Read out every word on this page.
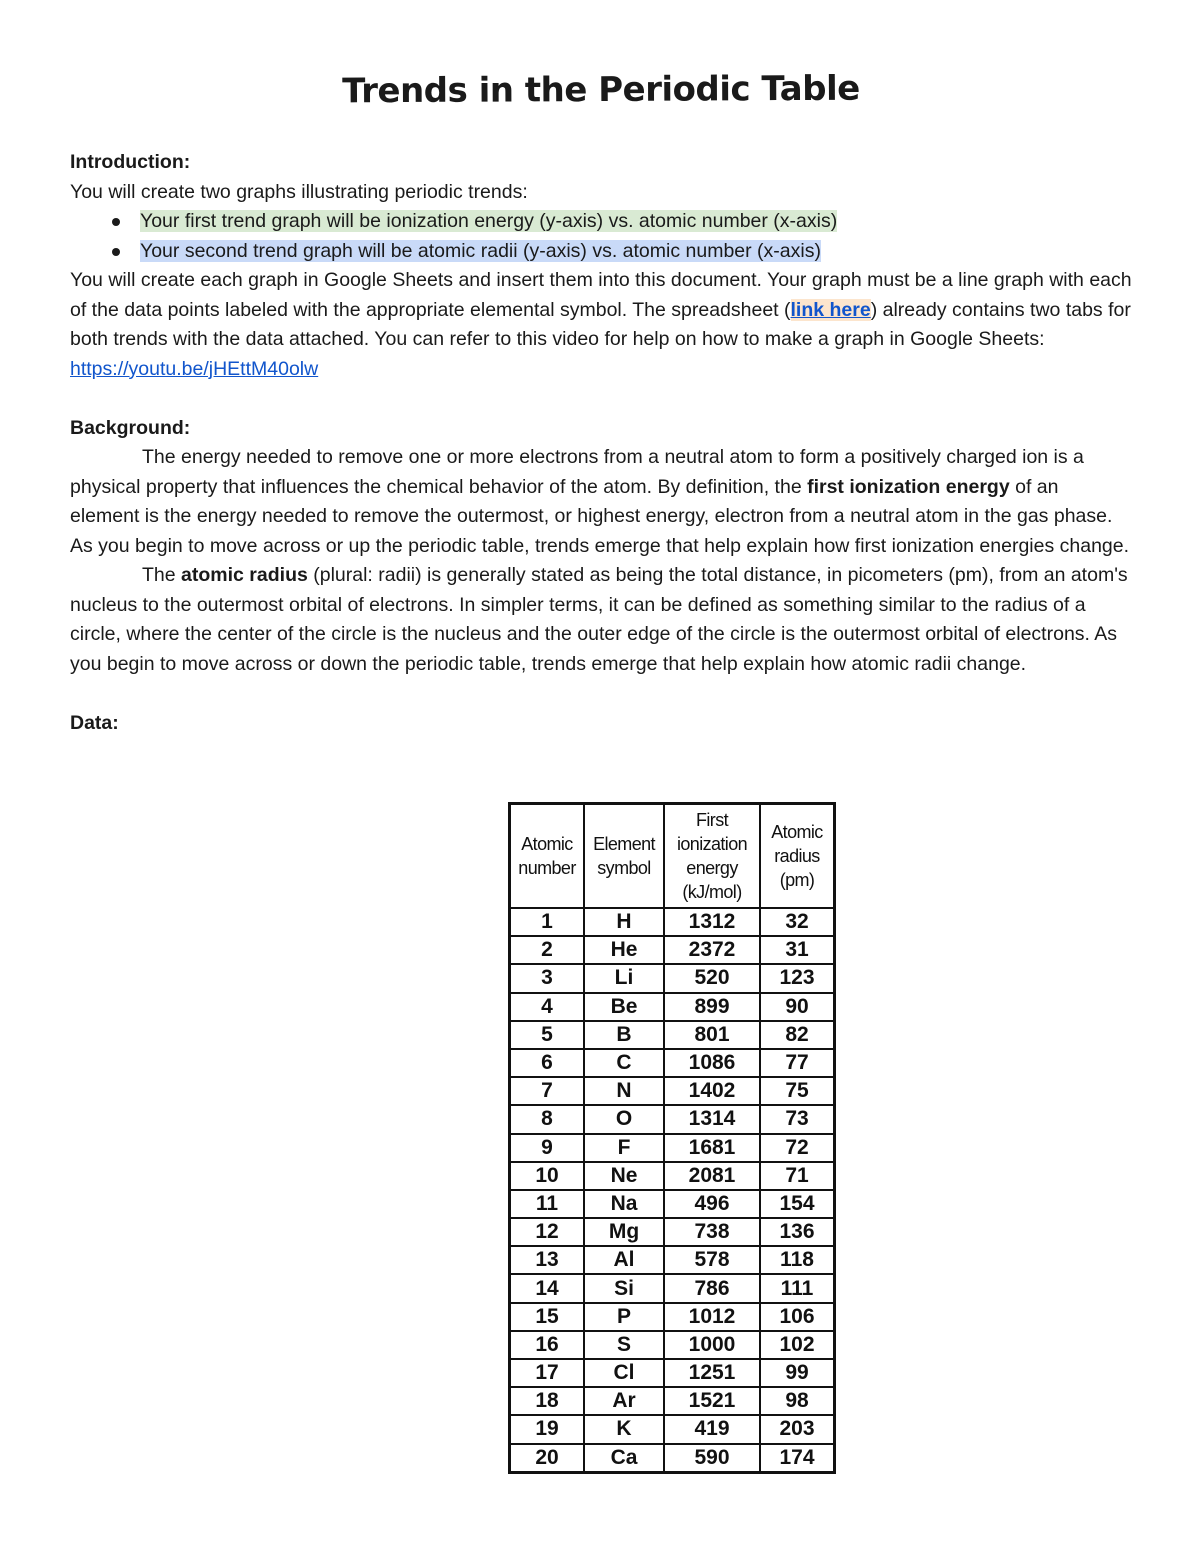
Trends in the Periodic Table

Introduction:

You will create two graphs illustrating periodic trends:

Your first trend graph will be ionization energy (y-axis) vs. atomic number (x-axis)
Your second trend graph will be atomic radii (y-axis) vs. atomic number (x-axis)

You will create each graph in Google Sheets and insert them into this document. Your graph must be a line graph with each of the data points labeled with the appropriate elemental symbol. The spreadsheet (link here) already contains two tabs for both trends with the data attached. You can refer to this video for help on how to make a graph in Google Sheets: https://youtu.be/jHEttM40olw

Background:

The energy needed to remove one or more electrons from a neutral atom to form a positively charged ion is a physical property that influences the chemical behavior of the atom. By definition, the first ionization energy of an element is the energy needed to remove the outermost, or highest energy, electron from a neutral atom in the gas phase. As you begin to move across or up the periodic table, trends emerge that help explain how first ionization energies change.

The atomic radius (plural: radii) is generally stated as being the total distance, in picometers (pm), from an atom's nucleus to the outermost orbital of electrons. In simpler terms, it can be defined as something similar to the radius of a circle, where the center of the circle is the nucleus and the outer edge of the circle is the outermost orbital of electrons. As you begin to move across or down the periodic table, trends emerge that help explain how atomic radii change.

Data:

Atomic number	Element symbol	First ionization energy (kJ/mol)	Atomic radius (pm)
1	H	1312	32
2	He	2372	31
3	Li	520	123
4	Be	899	90
5	B	801	82
6	C	1086	77
7	N	1402	75
8	O	1314	73
9	F	1681	72
10	Ne	2081	71
11	Na	496	154
12	Mg	738	136
13	Al	578	118
14	Si	786	111
15	P	1012	106
16	S	1000	102
17	Cl	1251	99
18	Ar	1521	98
19	K	419	203
20	Ca	590	174
